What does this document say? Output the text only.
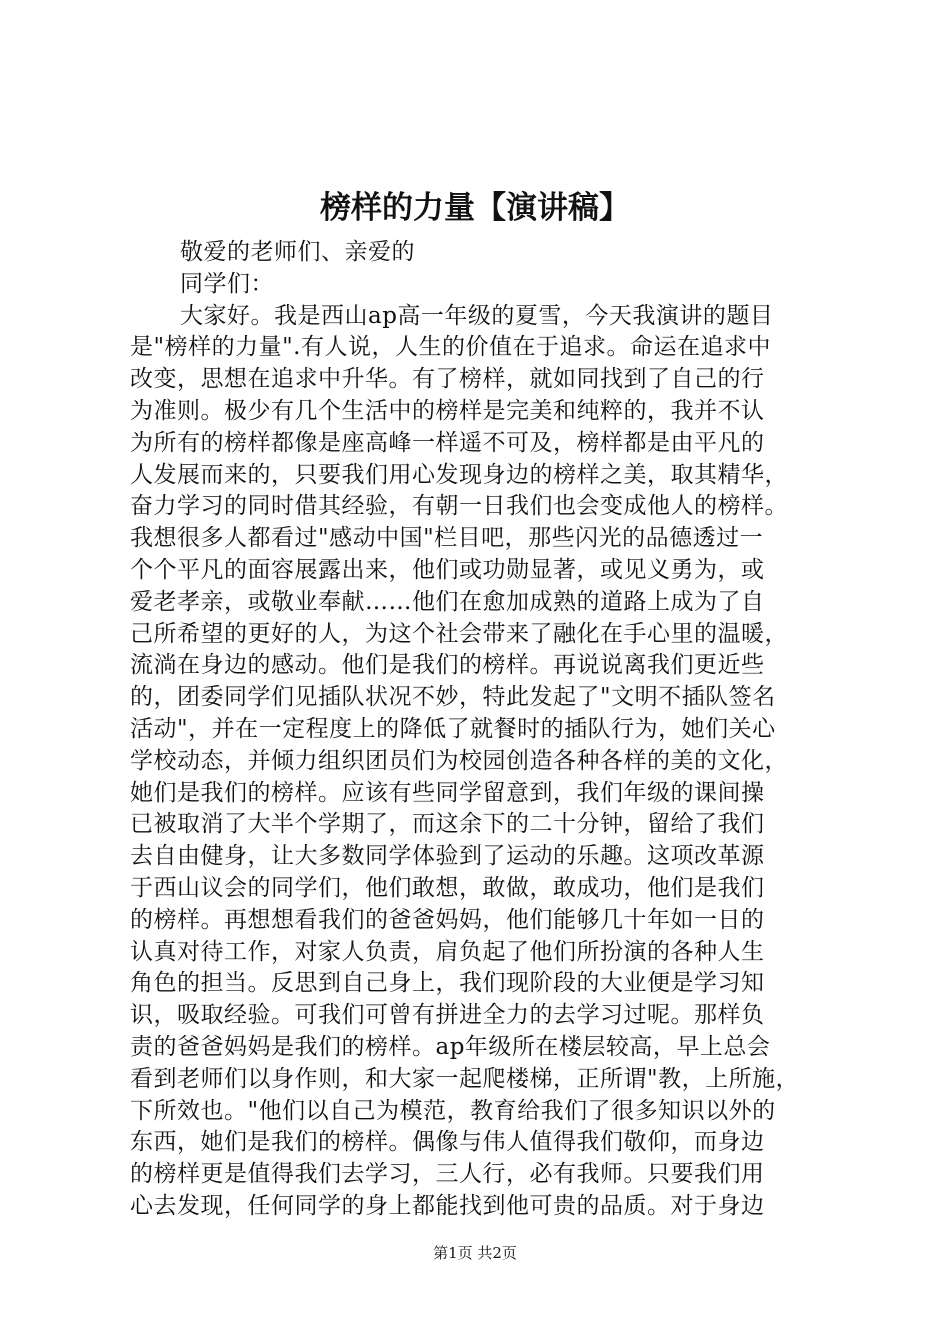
榜样的力量【演讲稿】
敬爱的老师们、亲爱的
同学们：
大家好。我是西山ap高一年级的夏雪，今天我演讲的题目
是"榜样的力量".有人说，人生的价值在于追求。命运在追求中
改变，思想在追求中升华。有了榜样，就如同找到了自己的行
为准则。极少有几个生活中的榜样是完美和纯粹的，我并不认
为所有的榜样都像是座高峰一样遥不可及，榜样都是由平凡的
人发展而来的，只要我们用心发现身边的榜样之美，取其精华，
奋力学习的同时借其经验，有朝一日我们也会变成他人的榜样。
我想很多人都看过"感动中国"栏目吧，那些闪光的品德透过一
个个平凡的面容展露出来，他们或功勋显著，或见义勇为，或
爱老孝亲，或敬业奉献……他们在愈加成熟的道路上成为了自
己所希望的更好的人，为这个社会带来了融化在手心里的温暖，
流淌在身边的感动。他们是我们的榜样。再说说离我们更近些
的，团委同学们见插队状况不妙，特此发起了"文明不插队签名
活动"，并在一定程度上的降低了就餐时的插队行为，她们关心
学校动态，并倾力组织团员们为校园创造各种各样的美的文化，
她们是我们的榜样。应该有些同学留意到，我们年级的课间操
已被取消了大半个学期了，而这余下的二十分钟，留给了我们
去自由健身，让大多数同学体验到了运动的乐趣。这项改革源
于西山议会的同学们，他们敢想，敢做，敢成功，他们是我们
的榜样。再想想看我们的爸爸妈妈，他们能够几十年如一日的
认真对待工作，对家人负责，肩负起了他们所扮演的各种人生
角色的担当。反思到自己身上，我们现阶段的大业便是学习知
识，吸取经验。可我们可曾有拼进全力的去学习过呢。那样负
责的爸爸妈妈是我们的榜样。ap年级所在楼层较高，早上总会
看到老师们以身作则，和大家一起爬楼梯，正所谓"教，上所施，
下所效也。"他们以自己为模范，教育给我们了很多知识以外的
东西，她们是我们的榜样。偶像与伟人值得我们敬仰，而身边
的榜样更是值得我们去学习，三人行，必有我师。只要我们用
心去发现，任何同学的身上都能找到他可贵的品质。对于身边
第1页 共2页
